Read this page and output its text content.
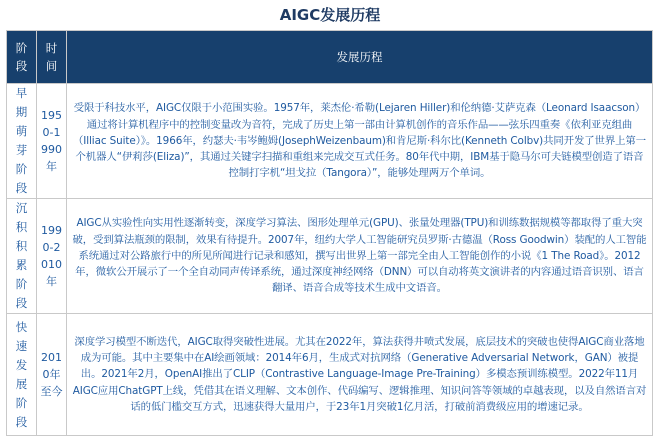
AIGC发展历程
阶段	时间	发展历程
早期萌芽阶段	1950-1990年	受限于科技水平，AIGC仅限于小范围实验。1957年，莱杰伦·希勒(Lejaren Hiller)和伦纳德·艾萨克森（Leonard Isaacson）通过将计算机程序中的控制变量改为音符，完成了历史上第一部由计算机创作的音乐作品——弦乐四重奏《依利亚克组曲（Illiac Suite）》。1966年，约瑟夫·韦岑鲍姆(JosephWeizenbaum)和肯尼斯·科尔比(Kenneth Colbv)共同开发了世界上第一个机器人“伊莉莎(Eliza)”，其通过关键字扫描和重组来完成交互式任务。80年代中期，IBM基于隐马尔可夫链模型创造了语音控制打字机“坦戈拉（Tangora）”，能够处理两万个单词。
沉积积累阶段	1990-2010年	AIGC从实验性向实用性逐渐转变，深度学习算法、图形处理单元(GPU)、张量处理器(TPU)和训练数据规模等都取得了重大突破，受到算法瓶颈的限制，效果有待提升。2007年，纽约大学人工智能研究员罗斯·古德温（Ross Goodwin）装配的人工智能系统通过对公路旅行中的所见所闻进行记录和感知，撰写出世界上第一部完全由人工智能创作的小说《1 The Road》。2012年，微软公开展示了一个全自动同声传译系统，通过深度神经网络（DNN）可以自动将英文演讲者的内容通过语音识别、语言翻译、语音合成等技术生成中文语音。
快速发展阶段	2010年至今	深度学习模型不断迭代，AIGC取得突破性进展。尤其在2022年，算法获得井喷式发展，底层技术的突破也使得AIGC商业落地成为可能。其中主要集中在AI绘画领域：2014年6月，生成式对抗网络（Generative Adversarial Network，GAN）被提出。2021年2月，OpenAI推出了CLIP（Contrastive Language-Image Pre-Training）多模态预训练模型。2022年11月AIGC应用ChatGPT上线，凭借其在语义理解、文本创作、代码编写、逻辑推理、知识问答等领域的卓越表现，以及自然语言对话的低门槛交互方式，迅速获得大量用户，于23年1月突破1亿月活，打破前消费级应用的增速记录。
